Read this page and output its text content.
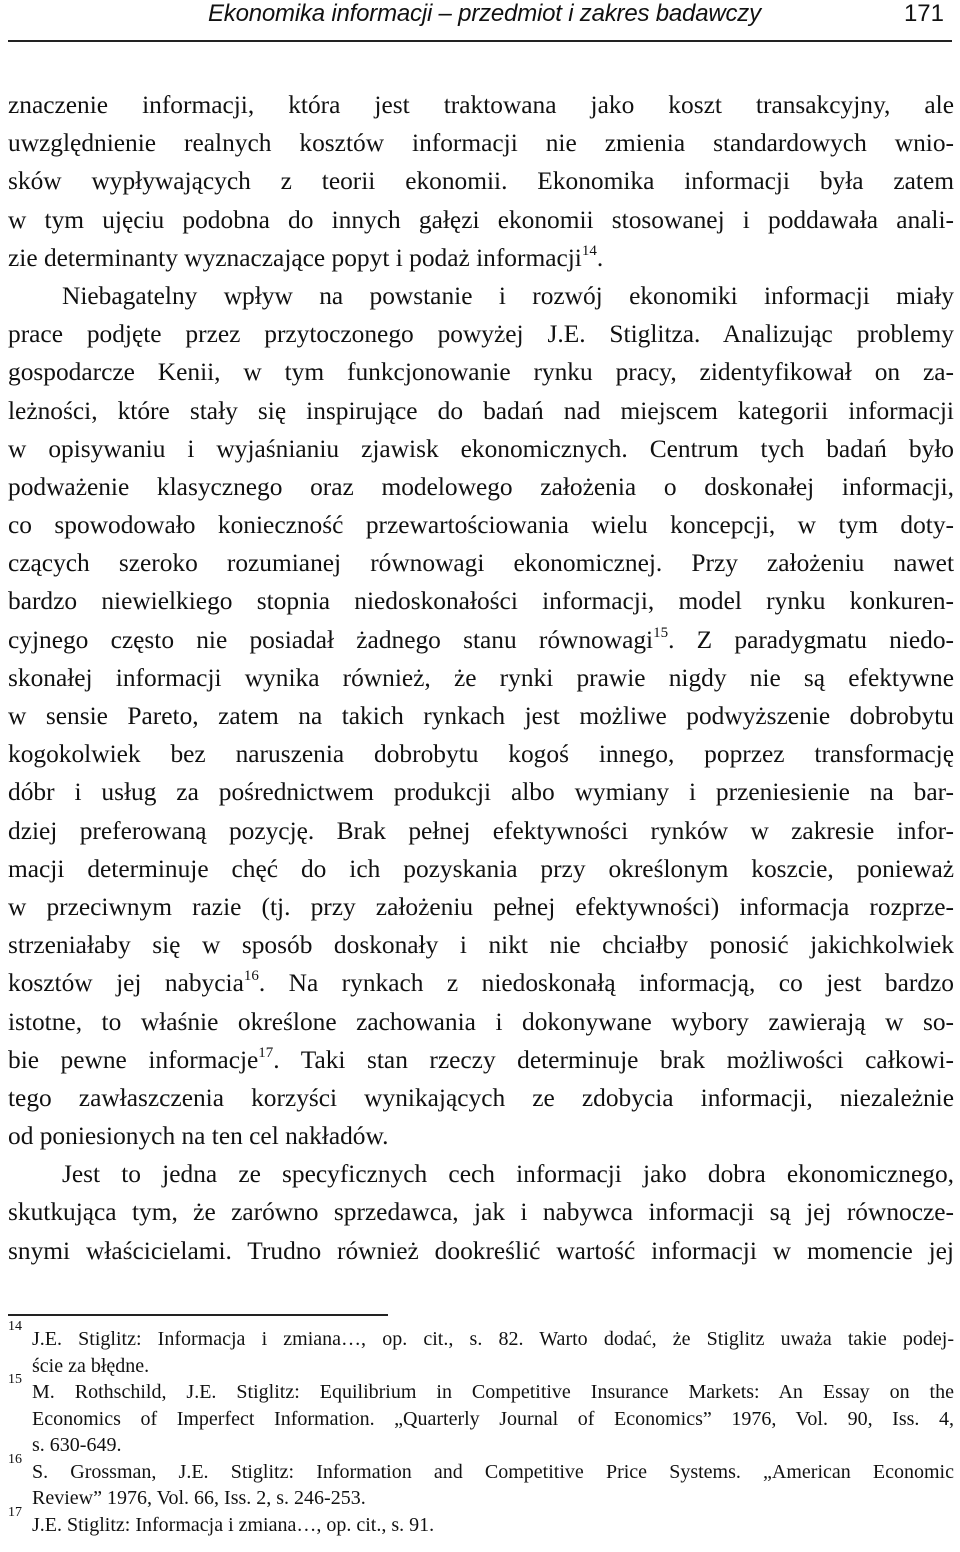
Ekonomika informacji – przedmiot i zakres badawczy	171
znaczenie informacji, która jest traktowana jako koszt transakcyjny, ale
uwzględnienie realnych kosztów informacji nie zmienia standardowych wnio-
sków wypływających z teorii ekonomii. Ekonomika informacji była zatem
w tym ujęciu podobna do innych gałęzi ekonomii stosowanej i poddawała anali-
zie determinanty wyznaczające popyt i podaż informacji$^{14}$.
Niebagatelny wpływ na powstanie i rozwój ekonomiki informacji miały
prace podjęte przez przytoczonego powyżej J.E. Stiglitza. Analizując problemy
gospodarcze Kenii, w tym funkcjonowanie rynku pracy, zidentyfikował on za-
leżności, które stały się inspirujące do badań nad miejscem kategorii informacji
w opisywaniu i wyjaśnianiu zjawisk ekonomicznych. Centrum tych badań było
podważenie klasycznego oraz modelowego założenia o doskonałej informacji,
co spowodowało konieczność przewartościowania wielu koncepcji, w tym doty-
czących szeroko rozumianej równowagi ekonomicznej. Przy założeniu nawet
bardzo niewielkiego stopnia niedoskonałości informacji, model rynku konkuren-
cyjnego często nie posiadał żadnego stanu równowagi$^{15}$. Z paradygmatu niedo-
skonałej informacji wynika również, że rynki prawie nigdy nie są efektywne
w sensie Pareto, zatem na takich rynkach jest możliwe podwyższenie dobrobytu
kogokolwiek bez naruszenia dobrobytu kogoś innego, poprzez transformację
dóbr i usług za pośrednictwem produkcji albo wymiany i przeniesienie na bar-
dziej preferowaną pozycję. Brak pełnej efektywności rynków w zakresie infor-
macji determinuje chęć do ich pozyskania przy określonym koszcie, ponieważ
w przeciwnym razie (tj. przy założeniu pełnej efektywności) informacja rozprze-
strzeniałaby się w sposób doskonały i nikt nie chciałby ponosić jakichkolwiek
kosztów jej nabycia$^{16}$. Na rynkach z niedoskonałą informacją, co jest bardzo
istotne, to właśnie określone zachowania i dokonywane wybory zawierają w so-
bie pewne informacje$^{17}$. Taki stan rzeczy determinuje brak możliwości całkowi-
tego zawłaszczenia korzyści wynikających ze zdobycia informacji, niezależnie
od poniesionych na ten cel nakładów.
Jest to jedna ze specyficznych cech informacji jako dobra ekonomicznego,
skutkująca tym, że zarówno sprzedawca, jak i nabywca informacji są jej równocze-
snymi właścicielami. Trudno również dookreślić wartość informacji w momencie jej
14
J.E. Stiglitz: Informacja i zmiana…, op. cit., s. 82. Warto dodać, że Stiglitz uważa takie podej-
ście za błędne.
15
M. Rothschild, J.E. Stiglitz: Equilibrium in Competitive Insurance Markets: An Essay on the
Economics of Imperfect Information. „Quarterly Journal of Economics” 1976, Vol. 90, Iss. 4,
s. 630-649.
16
S. Grossman, J.E. Stiglitz: Information and Competitive Price Systems. „American Economic
Review” 1976, Vol. 66, Iss. 2, s. 246-253.
17
J.E. Stiglitz: Informacja i zmiana…, op. cit., s. 91.
